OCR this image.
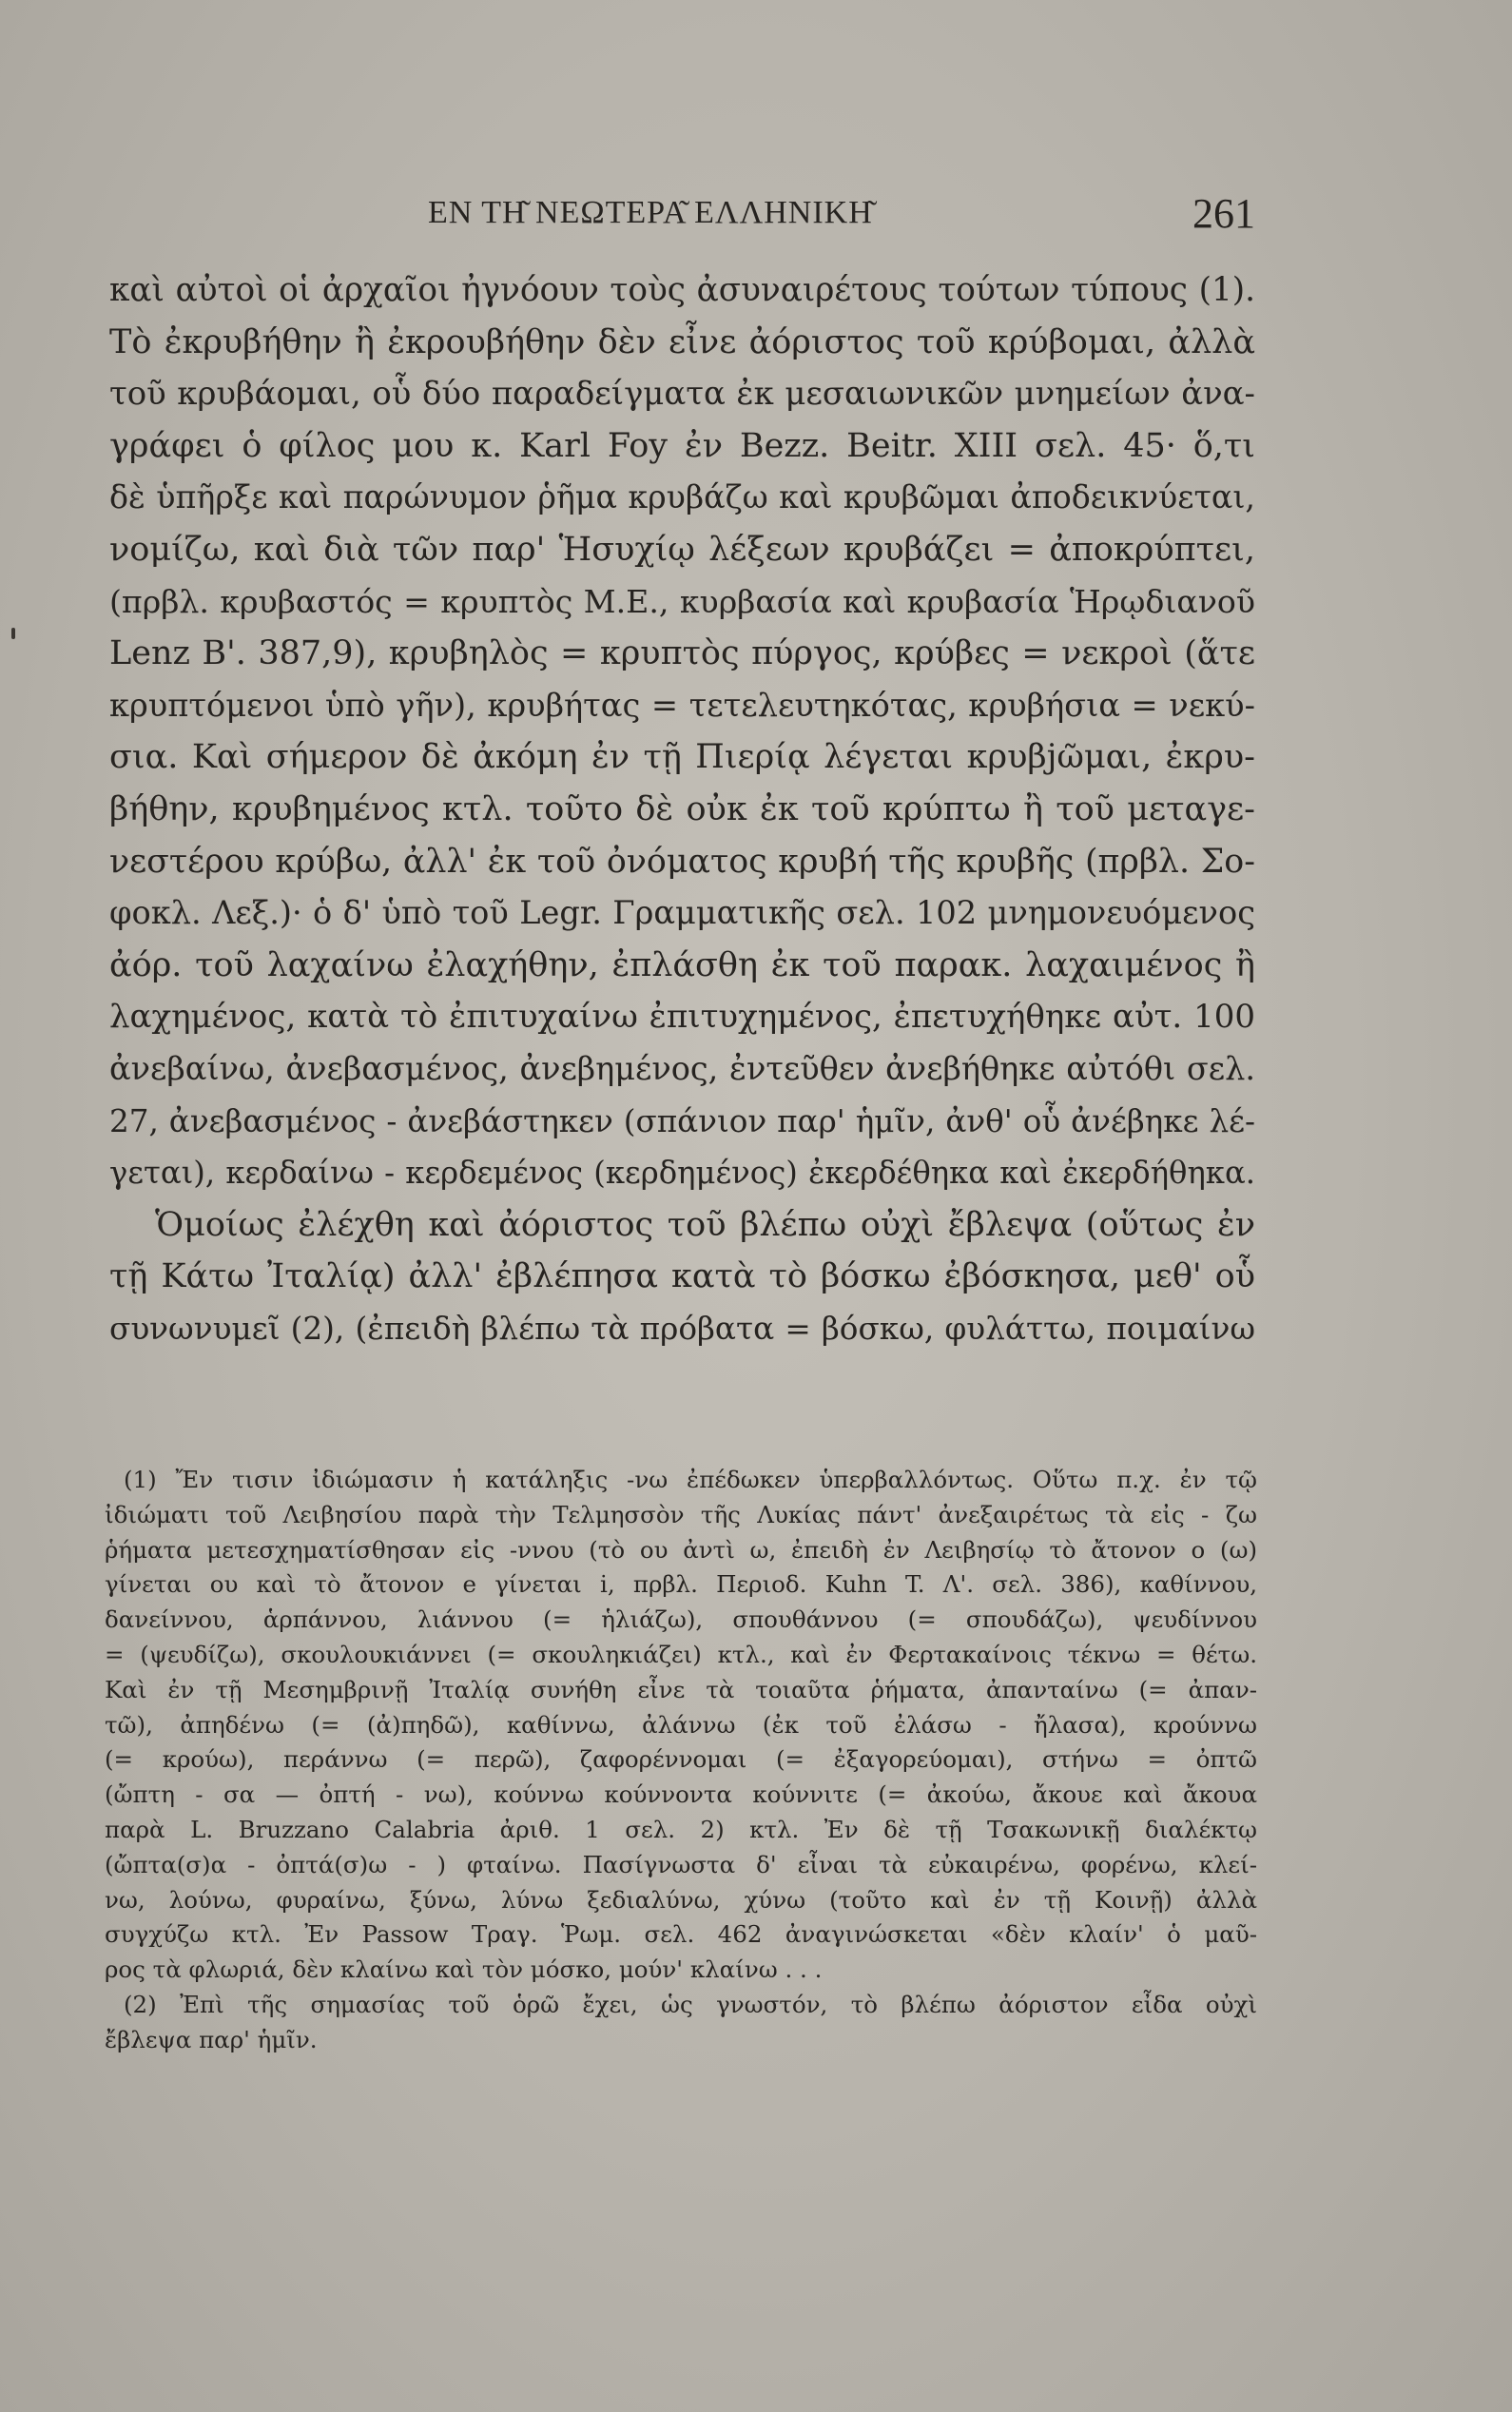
ΕΝ ΤΗ͂ ΝΕΩΤΕΡΑ͂ ΕΛΛΗΝΙΚΗ͂	261
καὶ αὐτοὶ οἱ ἀρχαῖοι ἠγνόουν τοὺς ἀσυναιρέτους τούτων τύπους (1).
Τὸ ἐκρυβήθην ἢ ἐκρουβήθην δὲν εἶνε ἀόριστος τοῦ κρύβομαι, ἀλλὰ
τοῦ κρυβάομαι, οὗ δύο παραδείγματα ἐκ μεσαιωνικῶν μνημείων ἀνα-
γράφει ὁ φίλος μου κ. Karl Foy ἐν Bezz. Beitr. XIII σελ. 45· ὅ,τι
δὲ ὑπῆρξε καὶ παρώνυμον ῥῆμα κρυβάζω καὶ κρυβῶμαι ἀποδεικνύεται,
νομίζω, καὶ διὰ τῶν παρ' Ἡσυχίῳ λέξεων κρυβάζει = ἀποκρύπτει,
(πρβλ. κρυβαστός = κρυπτὸς Μ.Ε., κυρβασία καὶ κρυβασία Ἡρῳδιανοῦ
Lenz B'. 387,9), κρυβηλὸς = κρυπτὸς πύργος, κρύβες = νεκροὶ (ἅτε
κρυπτόμενοι ὑπὸ γῆν), κρυβήτας = τετελευτηκότας, κρυβήσια = νεκύ-
σια. Καὶ σήμερον δὲ ἀκόμη ἐν τῇ Πιερίᾳ λέγεται κρυβjῶμαι, ἐκρυ-
βήθην, κρυβημένος κτλ. τοῦτο δὲ οὐκ ἐκ τοῦ κρύπτω ἢ τοῦ μεταγε-
νεστέρου κρύβω, ἀλλ' ἐκ τοῦ ὀνόματος κρυβή τῆς κρυβῆς (πρβλ. Σο-
φοκλ. Λεξ.)· ὁ δ' ὑπὸ τοῦ Legr. Γραμματικῆς σελ. 102 μνημονευόμενος
ἀόρ. τοῦ λαχαίνω ἐλαχήθην, ἐπλάσθη ἐκ τοῦ παρακ. λαχαιμένος ἢ
λαχημένος, κατὰ τὸ ἐπιτυχαίνω ἐπιτυχημένος, ἐπετυχήθηκε αὐτ. 100
ἀνεβαίνω, ἀνεβασμένος, ἀνεβημένος, ἐντεῦθεν ἀνεβήθηκε αὐτόθι σελ.
27, ἀνεβασμένος - ἀνεβάστηκεν (σπάνιον παρ' ἡμῖν, ἀνθ' οὗ ἀνέβηκε λέ-
γεται), κερδαίνω - κερδεμένος (κερδημένος) ἐκερδέθηκα καὶ ἐκερδήθηκα.
Ὁμοίως ἐλέχθη καὶ ἀόριστος τοῦ βλέπω οὐχὶ ἔβλεψα (οὕτως ἐν
τῇ Κάτω Ἰταλίᾳ) ἀλλ' ἐβλέπησα κατὰ τὸ βόσκω ἐβόσκησα, μεθ' οὗ
συνωνυμεῖ (2), (ἐπειδὴ βλέπω τὰ πρόβατα = βόσκω, φυλάττω, ποιμαίνω
(1) Ἔν τισιν ἰδιώμασιν ἡ κατάληξις -νω ἐπέδωκεν ὑπερβαλλόντως. Οὕτω π.χ. ἐν τῷ
ἰδιώματι τοῦ Λειβησίου παρὰ τὴν Τελμησσὸν τῆς Λυκίας πάντ' ἀνεξαιρέτως τὰ εἰς - ζω
ῥήματα μετεσχηματίσθησαν εἰς -ννου (τὸ ου ἀντὶ ω, ἐπειδὴ ἐν Λειβησίῳ τὸ ἄτονον ο (ω)
γίνεται ου καὶ τὸ ἄτονον e γίνεται i, πρβλ. Περιοδ. Kuhn T. Λ'. σελ. 386), καθίννου,
δανείννου, ἁρπάννου, λιάννου (= ἡλιάζω), σπουθάννου (= σπουδάζω), ψευδίννου
= (ψευδίζω), σκουλουκιάννει (= σκουληκιάζει) κτλ., καὶ ἐν Φερτακαίνοις τέκνω = θέτω.
Καὶ ἐν τῇ Μεσημβρινῇ Ἰταλίᾳ συνήθη εἶνε τὰ τοιαῦτα ῥήματα, ἀπανταίνω (= ἀπαν-
τῶ), ἀπηδένω (= (ἀ)πηδῶ), καθίννω, ἀλάννω (ἐκ τοῦ ἐλάσω - ἤλασα), κρούννω
(= κρούω), περάννω (= περῶ), ζαφορέννομαι (= ἐξαγορεύομαι), στήνω = ὀπτῶ
(ὤπτη - σα — ὀπτή - νω), κούννω κούννοντα κούννιτε (= ἀκούω, ἄκουε καὶ ἄκουα
παρὰ L. Bruzzano Calabria ἀριθ. 1 σελ. 2) κτλ. Ἐν δὲ τῇ Τσακωνικῇ διαλέκτῳ
(ὤπτα(σ)α - ὀπτά(σ)ω - ) φταίνω. Πασίγνωστα δ' εἶναι τὰ εὐκαιρένω, φορένω, κλεί-
νω, λούνω, φυραίνω, ξύνω, λύνω ξεδιαλύνω, χύνω (τοῦτο καὶ ἐν τῇ Κοινῇ) ἀλλὰ
συγχύζω κτλ. Ἐν Passow Τραγ. Ῥωμ. σελ. 462 ἀναγινώσκεται «δὲν κλαίν' ὁ μαῦ-
ρος τὰ φλωριά, δὲν κλαίνω καὶ τὸν μόσκο, μούν' κλαίνω . . .
(2) Ἐπὶ τῆς σημασίας τοῦ ὁρῶ ἔχει, ὡς γνωστόν, τὸ βλέπω ἀόριστον εἶδα οὐχὶ
ἔβλεψα παρ' ἡμῖν.
